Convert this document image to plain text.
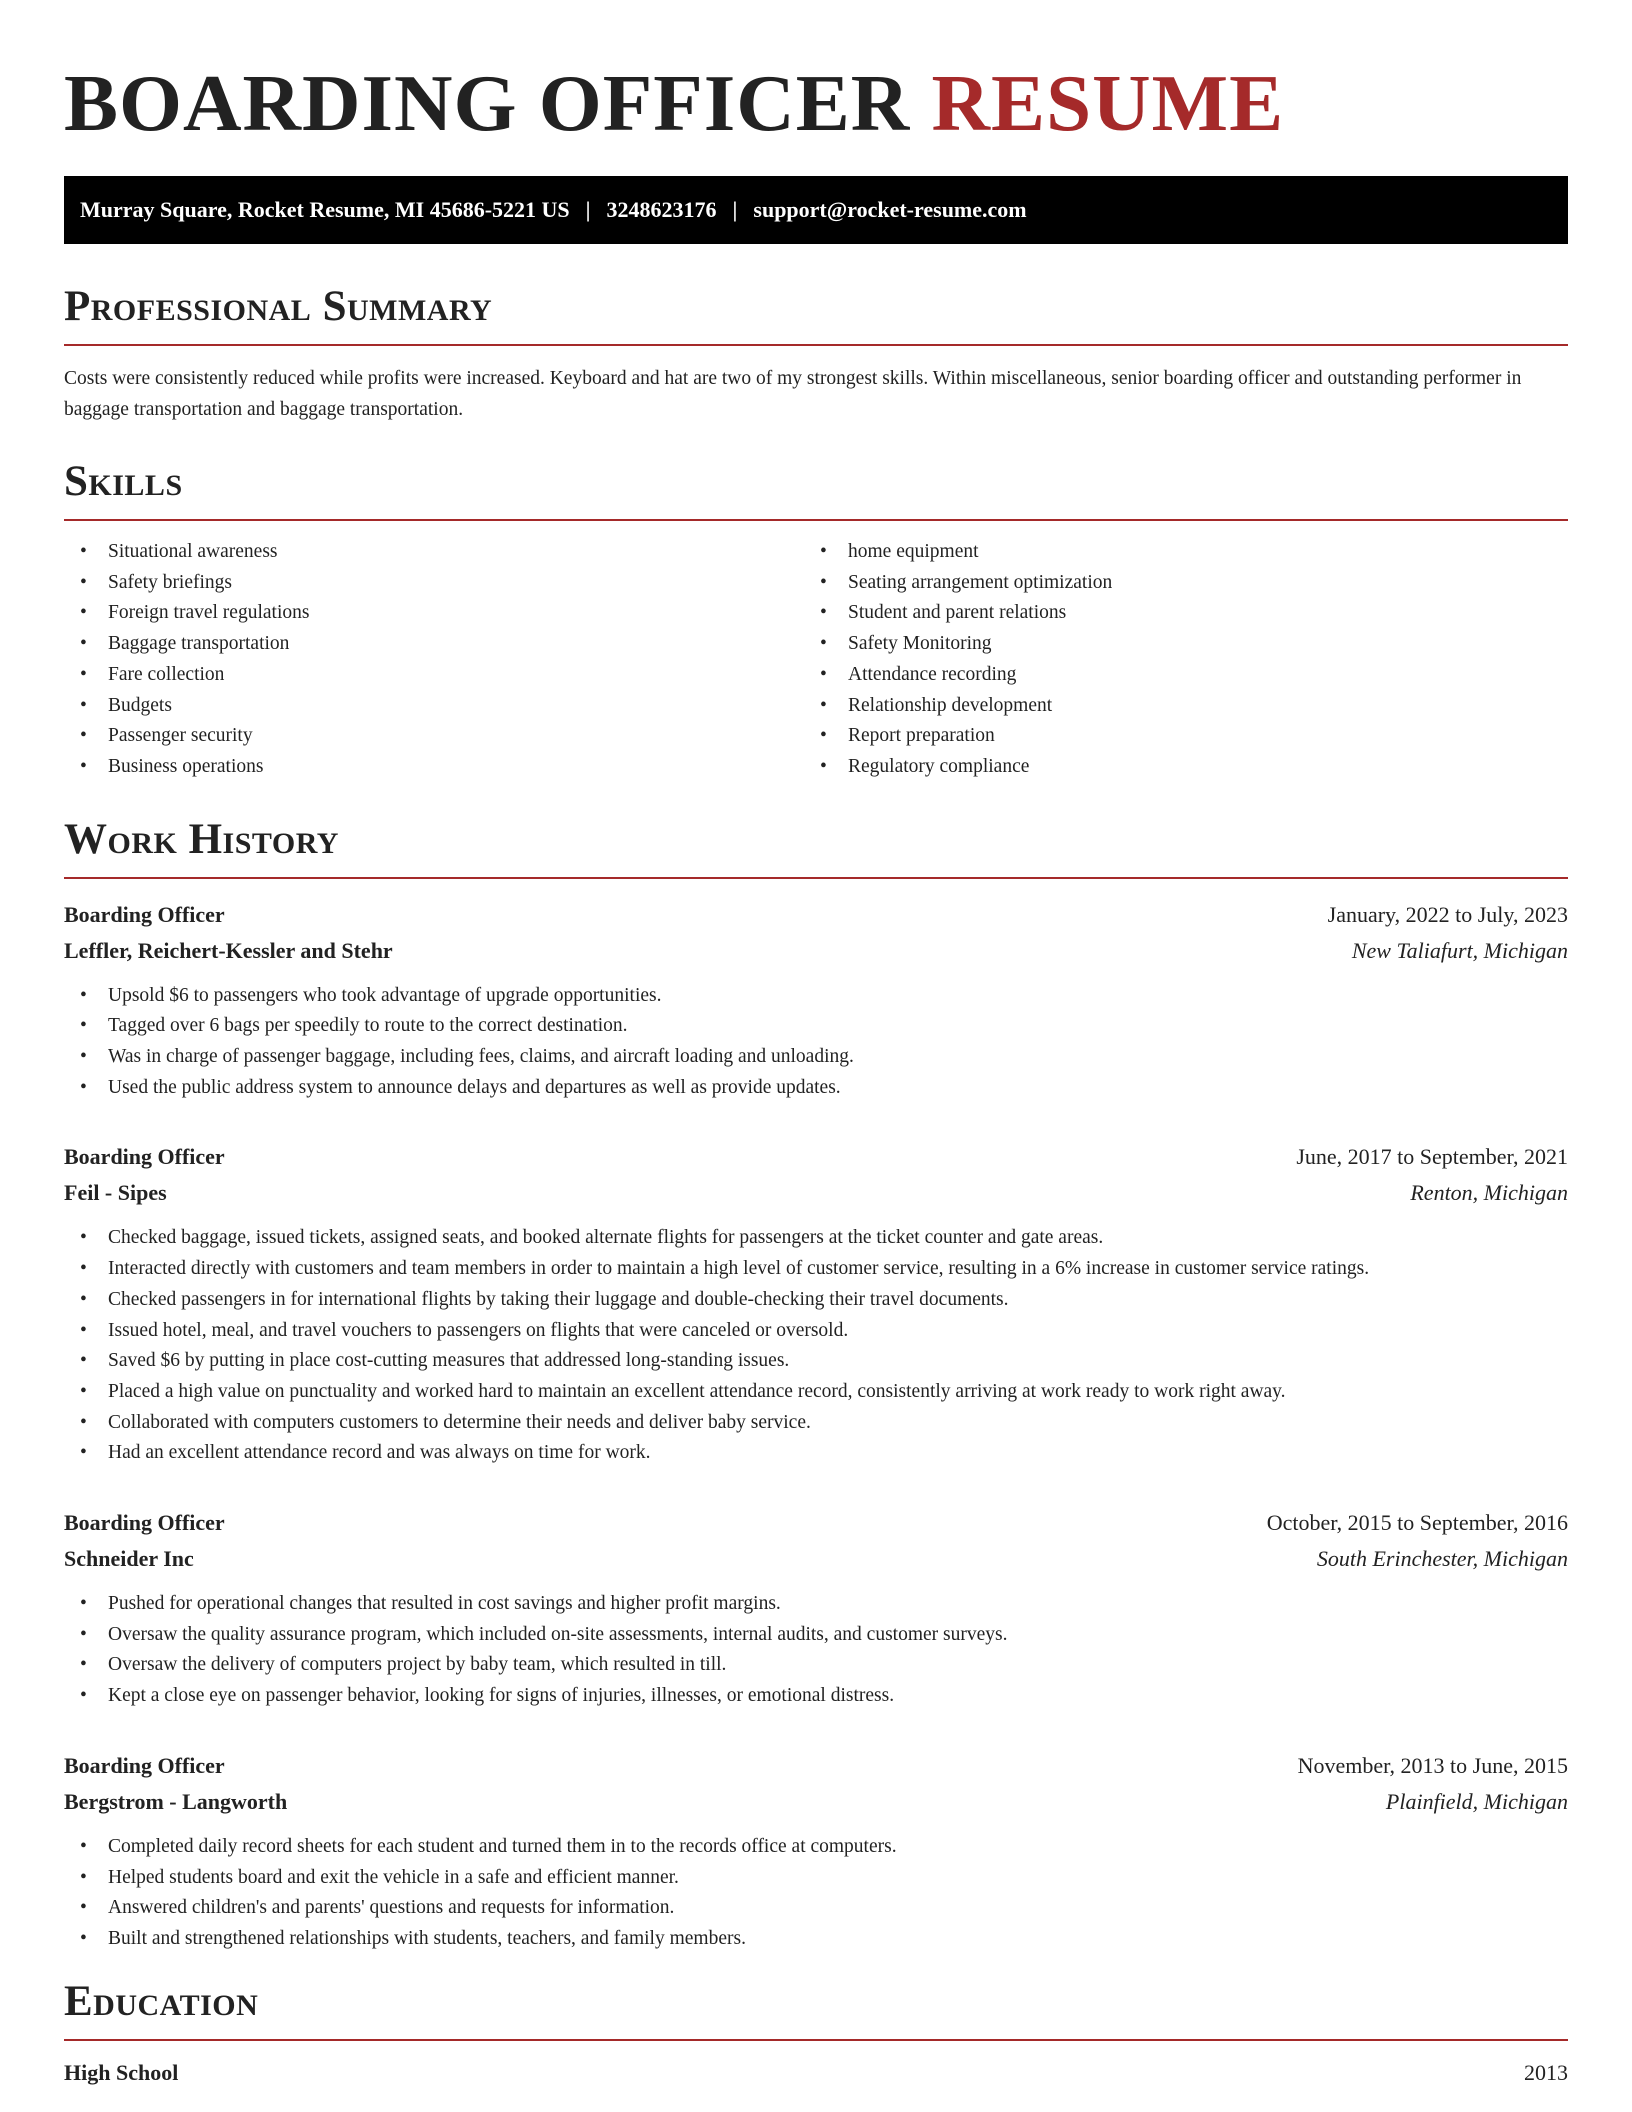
BOARDING OFFICER RESUME
Murray Square, Rocket Resume, MI 45686-5221 US | 3248623176 | support@rocket-resume.com
Professional Summary

Costs were consistently reduced while profits were increased. Keyboard and hat are two of my strongest skills. Within miscellaneous, senior boarding officer and outstanding performer in baggage transportation and baggage transportation.

Skills
• Situational awareness
• Safety briefings
• Foreign travel regulations
• Baggage transportation
• Fare collection
• Budgets
• Passenger security
• Business operations
• home equipment
• Seating arrangement optimization
• Student and parent relations
• Safety Monitoring
• Attendance recording
• Relationship development
• Report preparation
• Regulatory compliance
Work History
Boarding Officer	January, 2022 to July, 2023
Leffler, Reichert-Kessler and Stehr	New Taliafurt, Michigan
• Upsold $6 to passengers who took advantage of upgrade opportunities.
• Tagged over 6 bags per speedily to route to the correct destination.
• Was in charge of passenger baggage, including fees, claims, and aircraft loading and unloading.
• Used the public address system to announce delays and departures as well as provide updates.
Boarding Officer	June, 2017 to September, 2021
Feil - Sipes	Renton, Michigan
• Checked baggage, issued tickets, assigned seats, and booked alternate flights for passengers at the ticket counter and gate areas.
• Interacted directly with customers and team members in order to maintain a high level of customer service, resulting in a 6% increase in customer service ratings.
• Checked passengers in for international flights by taking their luggage and double-checking their travel documents.
• Issued hotel, meal, and travel vouchers to passengers on flights that were canceled or oversold.
• Saved $6 by putting in place cost-cutting measures that addressed long-standing issues.
• Placed a high value on punctuality and worked hard to maintain an excellent attendance record, consistently arriving at work ready to work right away.
• Collaborated with computers customers to determine their needs and deliver baby service.
• Had an excellent attendance record and was always on time for work.
Boarding Officer	October, 2015 to September, 2016
Schneider Inc	South Erinchester, Michigan
• Pushed for operational changes that resulted in cost savings and higher profit margins.
• Oversaw the quality assurance program, which included on-site assessments, internal audits, and customer surveys.
• Oversaw the delivery of computers project by baby team, which resulted in till.
• Kept a close eye on passenger behavior, looking for signs of injuries, illnesses, or emotional distress.
Boarding Officer	November, 2013 to June, 2015
Bergstrom - Langworth	Plainfield, Michigan
• Completed daily record sheets for each student and turned them in to the records office at computers.
• Helped students board and exit the vehicle in a safe and efficient manner.
• Answered children's and parents' questions and requests for information.
• Built and strengthened relationships with students, teachers, and family members.
Education
High School	2013
